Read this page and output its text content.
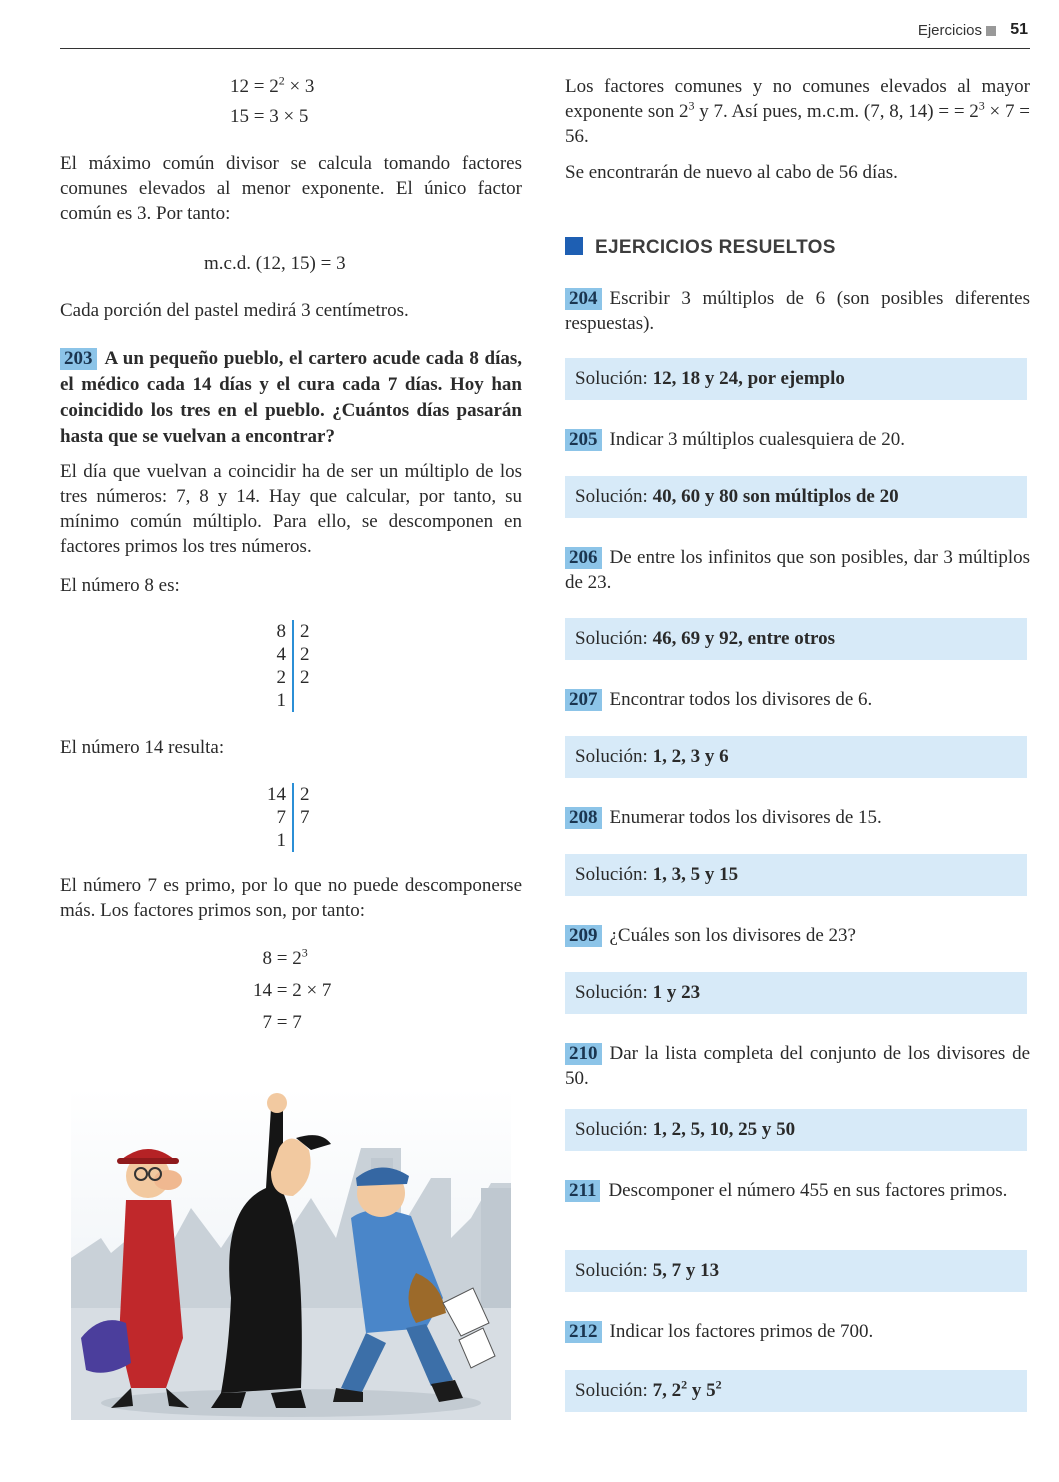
Ejercicios 51
$12 = 2^2 \times 3$
15 = 3 × 5

El máximo común divisor se calcula tomando factores comunes elevados al menor exponente. El único factor común es 3. Por tanto:

m.c.d. (12, 15) = 3

Cada porción del pastel medirá 3 centímetros.

203 A un pequeño pueblo, el cartero acude cada 8 días, el médico cada 14 días y el cura cada 7 días. Hoy han coincidido los tres en el pueblo. ¿Cuántos días pasarán hasta que se vuelvan a encontrar?

El día que vuelvan a coincidir ha de ser un múltiplo de los tres números: 7, 8 y 14. Hay que calcular, por tanto, su mínimo común múltiplo. Para ello, se descomponen en factores primos los tres números.

El número 8 es:

8
4
2
1
2
2
2

El número 14 resulta:

14
7
1
2
7

El número 7 es primo, por lo que no puede descomponerse más. Los factores primos son, por tanto:

$8 = 2^3$
14 = 2 × 7
7 = 7

Los factores comunes y no comunes elevados al mayor exponente son $2^3$ y 7. Así pues, m.c.m. (7, 8, 14) = = $2^3 \times 7 = 56$.

Se encontrarán de nuevo al cabo de 56 días.

EJERCICIOS RESUELTOS

204 Escribir 3 múltiplos de 6 (son posibles diferentes respuestas).

Solución: 12, 18 y 24, por ejemplo

205 Indicar 3 múltiplos cualesquiera de 20.

Solución: 40, 60 y 80 son múltiplos de 20

206 De entre los infinitos que son posibles, dar 3 múltiplos de 23.

Solución: 46, 69 y 92, entre otros

207 Encontrar todos los divisores de 6.

Solución: 1, 2, 3 y 6

208 Enumerar todos los divisores de 15.

Solución: 1, 3, 5 y 15

209 ¿Cuáles son los divisores de 23?

Solución: 1 y 23

210 Dar la lista completa del conjunto de los divisores de 50.

Solución: 1, 2, 5, 10, 25 y 50

211 Descomponer el número 455 en sus factores primos.

Solución: 5, 7 y 13

212 Indicar los factores primos de 700.

Solución: 7, $2^2$ y $5^2$
